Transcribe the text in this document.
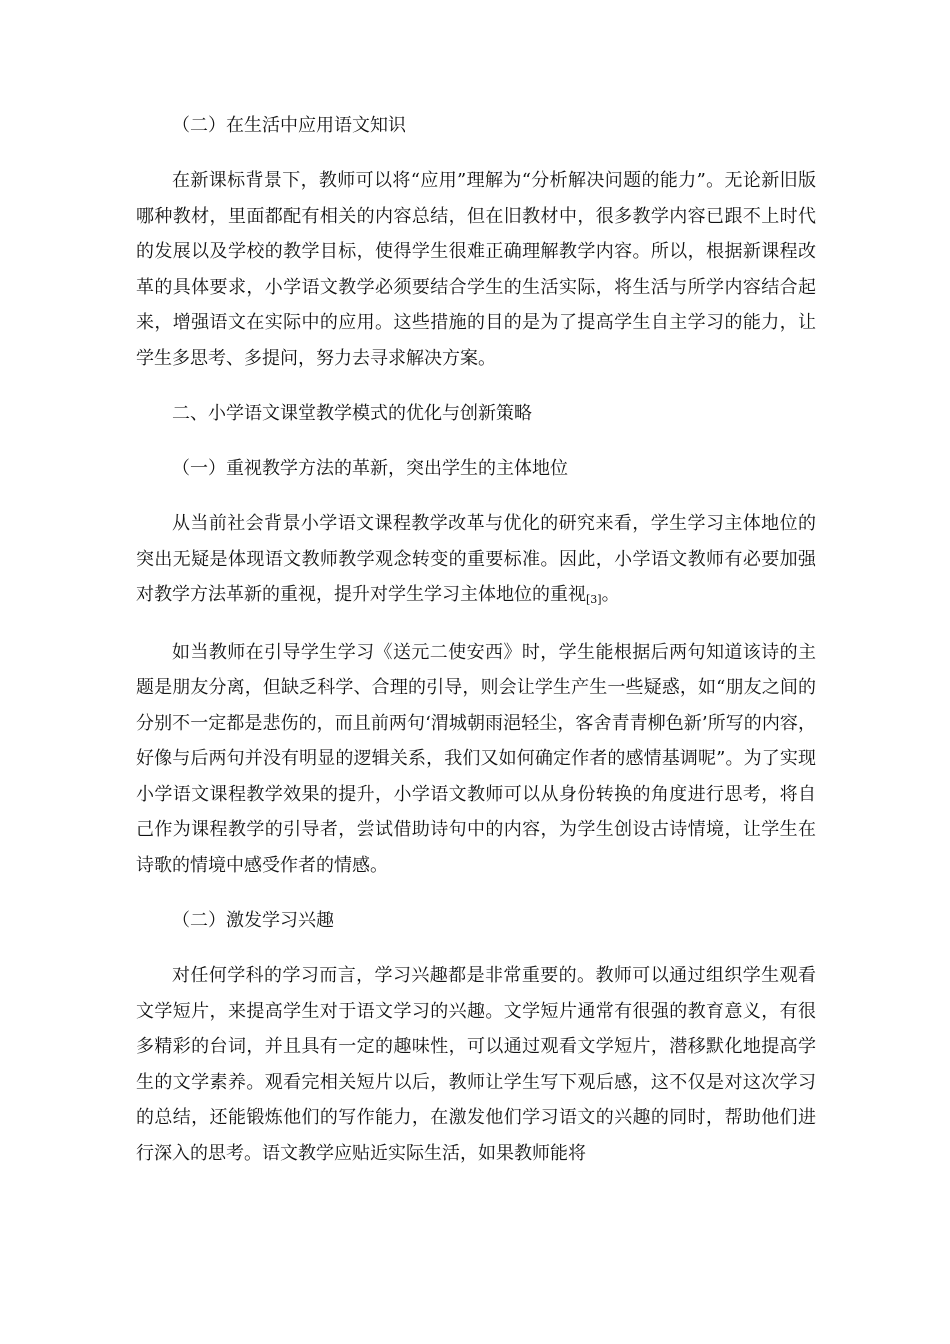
（二）在生活中应用语文知识

在新课标背景下，教师可以将“应用”理解为“分析解决问题的能力”。无论新旧版哪种教材，里面都配有相关的内容总结，但在旧教材中，很多教学内容已跟不上时代的发展以及学校的教学目标，使得学生很难正确理解教学内容。所以，根据新课程改革的具体要求，小学语文教学必须要结合学生的生活实际，将生活与所学内容结合起来，增强语文在实际中的应用。这些措施的目的是为了提高学生自主学习的能力，让学生多思考、多提问，努力去寻求解决方案。

二、小学语文课堂教学模式的优化与创新策略

（一）重视教学方法的革新，突出学生的主体地位

从当前社会背景小学语文课程教学改革与优化的研究来看，学生学习主体地位的突出无疑是体现语文教师教学观念转变的重要标准。因此，小学语文教师有必要加强对教学方法革新的重视，提升对学生学习主体地位的重视[3]。

如当教师在引导学生学习《送元二使安西》时，学生能根据后两句知道该诗的主题是朋友分离，但缺乏科学、合理的引导，则会让学生产生一些疑惑，如“朋友之间的分别不一定都是悲伤的，而且前两句‘渭城朝雨浥轻尘，客舍青青柳色新’所写的内容，好像与后两句并没有明显的逻辑关系，我们又如何确定作者的感情基调呢”。为了实现小学语文课程教学效果的提升，小学语文教师可以从身份转换的角度进行思考，将自己作为课程教学的引导者，尝试借助诗句中的内容，为学生创设古诗情境，让学生在诗歌的情境中感受作者的情感。

（二）激发学习兴趣

对任何学科的学习而言，学习兴趣都是非常重要的。教师可以通过组织学生观看文学短片，来提高学生对于语文学习的兴趣。文学短片通常有很强的教育意义，有很多精彩的台词，并且具有一定的趣味性，可以通过观看文学短片，潜移默化地提高学生的文学素养。观看完相关短片以后，教师让学生写下观后感，这不仅是对这次学习的总结，还能锻炼他们的写作能力，在激发他们学习语文的兴趣的同时，帮助他们进行深入的思考。语文教学应贴近实际生活，如果教师能将
